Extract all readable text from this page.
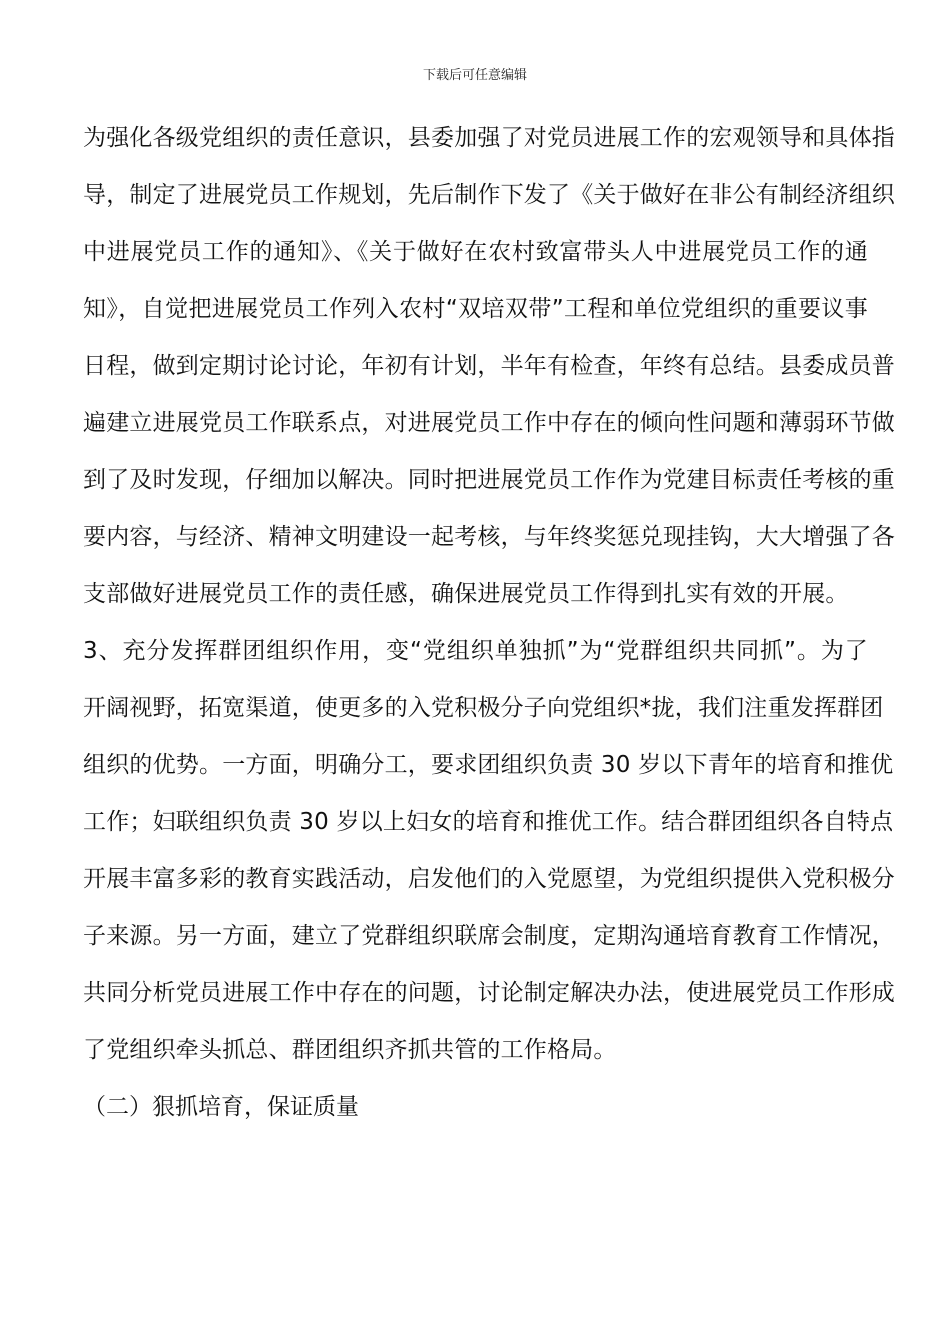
下载后可任意编辑
为强化各级党组织的责任意识，县委加强了对党员进展工作的宏观领导和具体指
导，制定了进展党员工作规划，先后制作下发了《关于做好在非公有制经济组织
中进展党员工作的通知》、《关于做好在农村致富带头人中进展党员工作的通
知》，自觉把进展党员工作列入农村“双培双带”工程和单位党组织的重要议事
日程，做到定期讨论讨论，年初有计划，半年有检查，年终有总结。县委成员普
遍建立进展党员工作联系点，对进展党员工作中存在的倾向性问题和薄弱环节做
到了及时发现，仔细加以解决。同时把进展党员工作作为党建目标责任考核的重
要内容，与经济、精神文明建设一起考核，与年终奖惩兑现挂钩，大大增强了各
支部做好进展党员工作的责任感，确保进展党员工作得到扎实有效的开展。
3、充分发挥群团组织作用，变“党组织单独抓”为“党群组织共同抓”。为了
开阔视野，拓宽渠道，使更多的入党积极分子向党组织*拢，我们注重发挥群团
组织的优势。一方面，明确分工，要求团组织负责 30 岁以下青年的培育和推优
工作；妇联组织负责 30 岁以上妇女的培育和推优工作。结合群团组织各自特点
开展丰富多彩的教育实践活动，启发他们的入党愿望，为党组织提供入党积极分
子来源。另一方面，建立了党群组织联席会制度，定期沟通培育教育工作情况，
共同分析党员进展工作中存在的问题，讨论制定解决办法，使进展党员工作形成
了党组织牵头抓总、群团组织齐抓共管的工作格局。
（二）狠抓培育，保证质量
